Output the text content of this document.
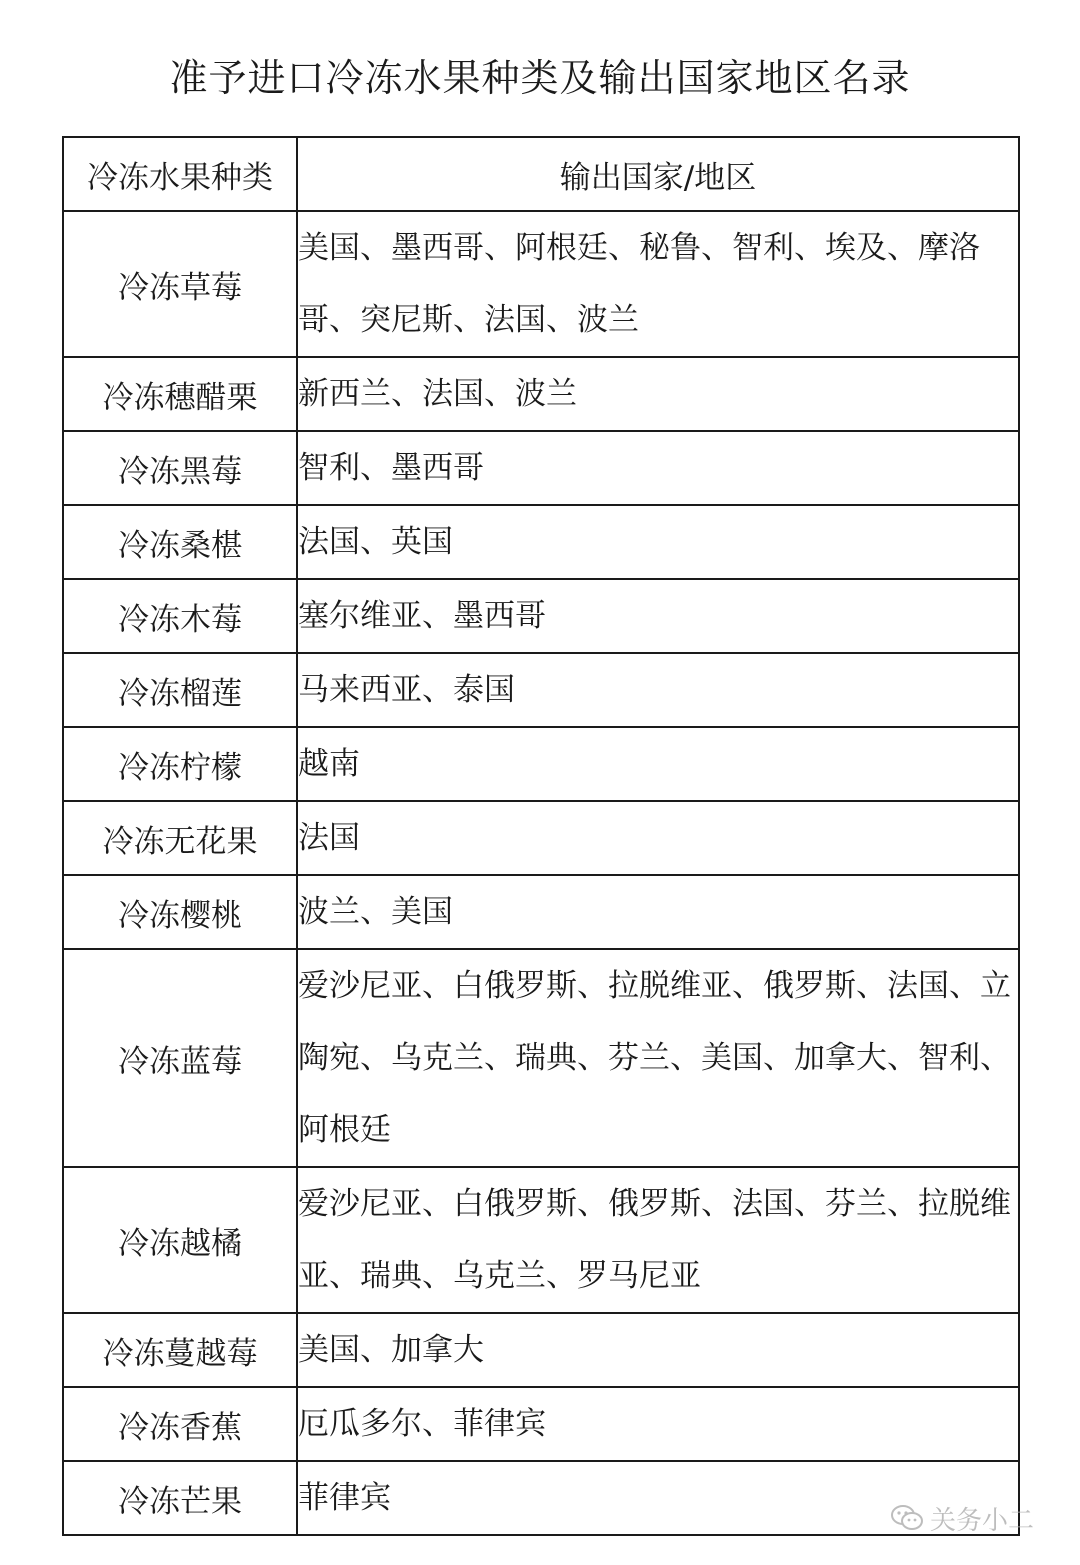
准予进口冷冻水果种类及输出国家地区名录
冷冻水果种类	输出国家/地区
冷冻草莓	美国、墨西哥、阿根廷、秘鲁、智利、埃及、摩洛哥、突尼斯、法国、波兰
冷冻穗醋栗	新西兰、法国、波兰
冷冻黑莓	智利、墨西哥
冷冻桑椹	法国、英国
冷冻木莓	塞尔维亚、墨西哥
冷冻榴莲	马来西亚、泰国
冷冻柠檬	越南
冷冻无花果	法国
冷冻樱桃	波兰、美国
冷冻蓝莓	爱沙尼亚、白俄罗斯、拉脱维亚、俄罗斯、法国、立陶宛、乌克兰、瑞典、芬兰、美国、加拿大、智利、阿根廷
冷冻越橘	爱沙尼亚、白俄罗斯、俄罗斯、法国、芬兰、拉脱维亚、瑞典、乌克兰、罗马尼亚
冷冻蔓越莓	美国、加拿大
冷冻香蕉	厄瓜多尔、菲律宾
冷冻芒果	菲律宾
关务小二
